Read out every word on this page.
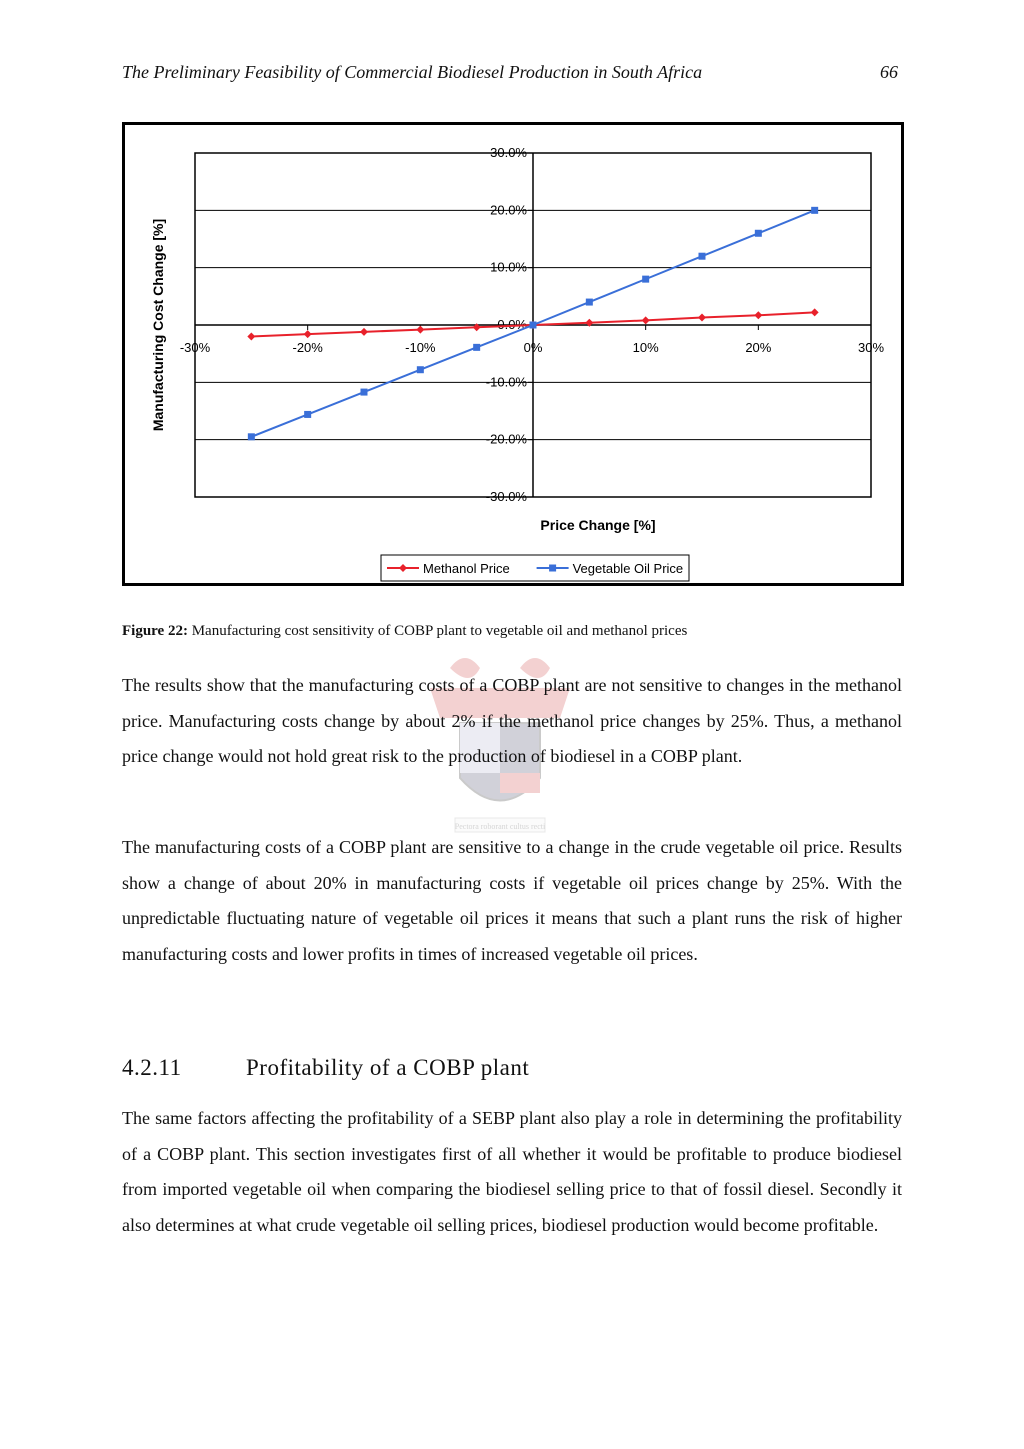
The Preliminary Feasibility of Commercial Biodiesel Production in South Africa	66
30.0%
20.0%
10.0%
0.0%
-10.0%
-20.0%
-30.0%
-30%	-20%	-10%	0%	10%	20%	30%
Price Change [%]
Manufacturing Cost Change [%]
Methanol Price	Vegetable Oil Price
Pectora roborant cultus recti
Figure 22: Manufacturing cost sensitivity of COBP plant to vegetable oil and methanol prices

The results show that the manufacturing costs of a COBP plant are not sensitive to changes in the methanol price. Manufacturing costs change by about 2% if the methanol price changes by 25%. Thus, a methanol price change would not hold great risk to the production of biodiesel in a COBP plant.

The manufacturing costs of a COBP plant are sensitive to a change in the crude vegetable oil price. Results show a change of about 20% in manufacturing costs if vegetable oil prices change by 25%. With the unpredictable fluctuating nature of vegetable oil prices it means that such a plant runs the risk of higher manufacturing costs and lower profits in times of increased vegetable oil prices.

4.2.11	Profitability of a COBP plant

The same factors affecting the profitability of a SEBP plant also play a role in determining the profitability of a COBP plant. This section investigates first of all whether it would be profitable to produce biodiesel from imported vegetable oil when comparing the biodiesel selling price to that of fossil diesel. Secondly it also determines at what crude vegetable oil selling prices, biodiesel production would become profitable.
